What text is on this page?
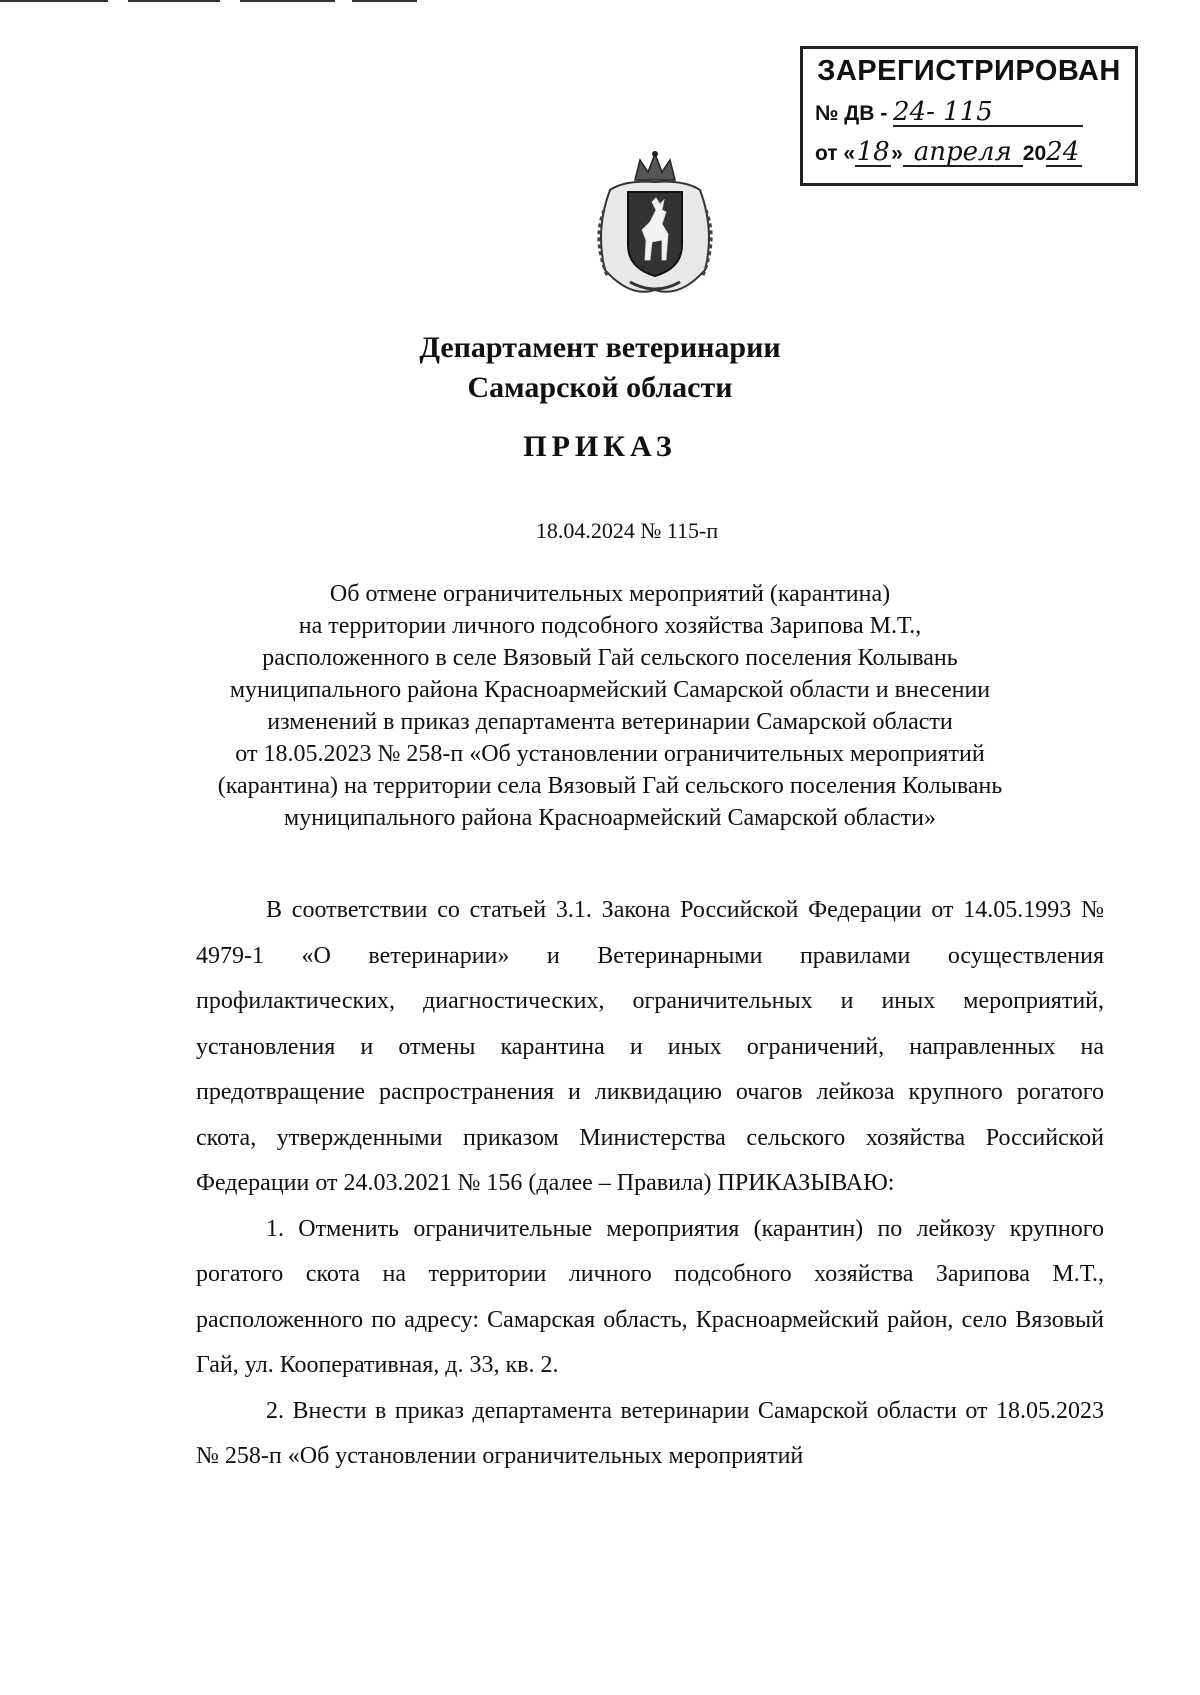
ЗАРЕГИСТРИРОВАН
№ ДВ - 24- 115
от «18» апреля 2024
Департамент ветеринарии
Самарской области
ПРИКАЗ
18.04.2024 № 115-п
Об отмене ограничительных мероприятий (карантина)
на территории личного подсобного хозяйства Зарипова М.Т.,
расположенного в селе Вязовый Гай сельского поселения Колывань
муниципального района Красноармейский Самарской области и внесении
изменений в приказ департамента ветеринарии Самарской области
от 18.05.2023 № 258-п «Об установлении ограничительных мероприятий
(карантина) на территории села Вязовый Гай сельского поселения Колывань
муниципального района Красноармейский Самарской области»

В соответствии со статьей 3.1. Закона Российской Федерации от 14.05.1993 № 4979-1 «О ветеринарии» и Ветеринарными правилами осуществления профилактических, диагностических, ограничительных и иных мероприятий, установления и отмены карантина и иных ограничений, направленных на предотвращение распространения и ликвидацию очагов лейкоза крупного рогатого скота, утвержденными приказом Министерства сельского хозяйства Российской Федерации от 24.03.2021 № 156 (далее – Правила) ПРИКАЗЫВАЮ:

1. Отменить ограничительные мероприятия (карантин) по лейкозу крупного рогатого скота на территории личного подсобного хозяйства Зарипова М.Т., расположенного по адресу: Самарская область, Красноармейский район, село Вязовый Гай, ул. Кооперативная, д. 33, кв. 2.

2. Внести в приказ департамента ветеринарии Самарской области от 18.05.2023 № 258-п «Об установлении ограничительных мероприятий
